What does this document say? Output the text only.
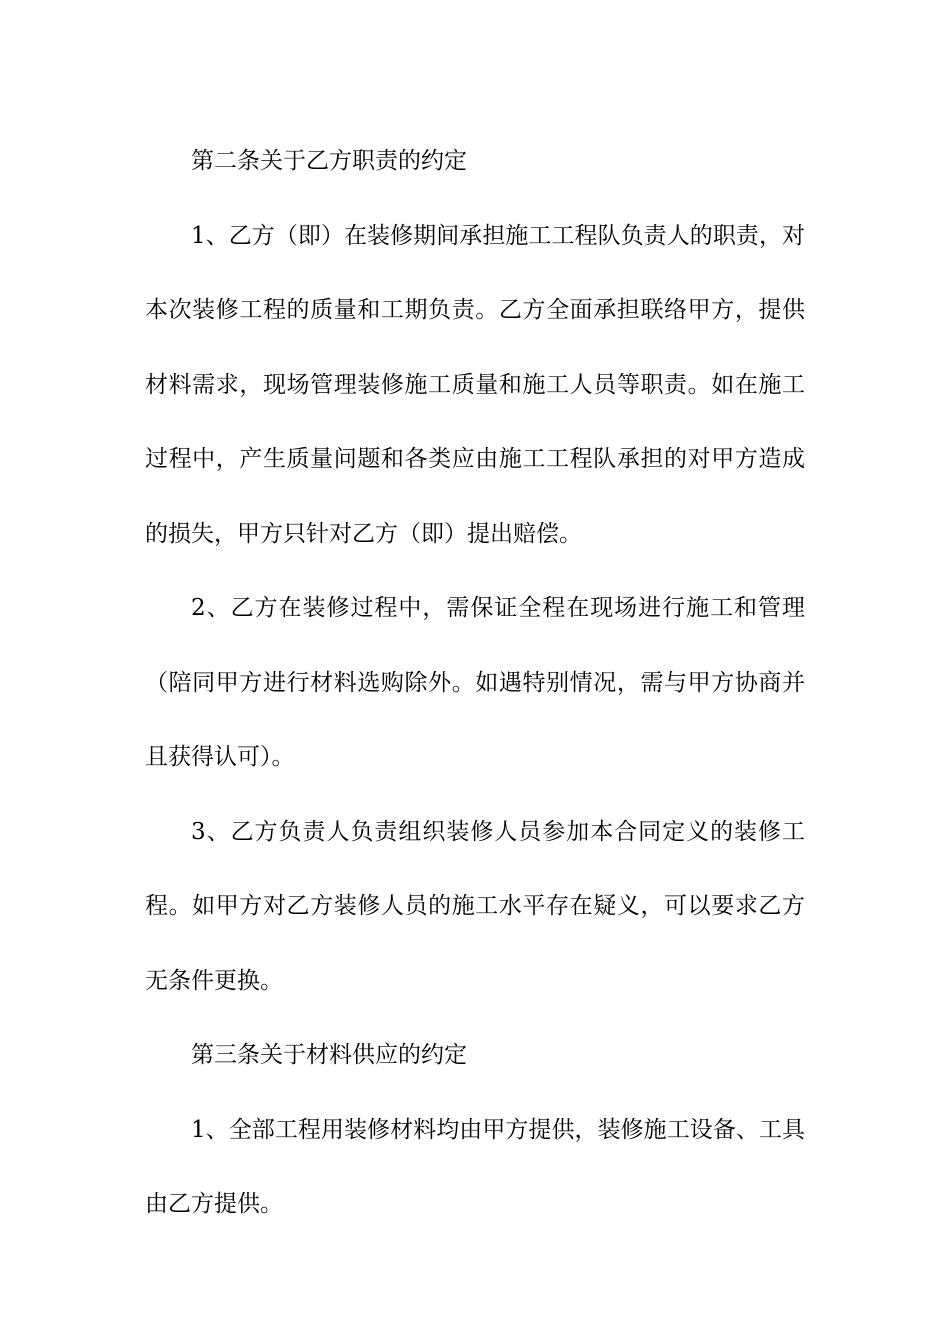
第二条关于乙方职责的约定

1、乙方（即）在装修期间承担施工工程队负责人的职责，对本次装修工程的质量和工期负责。乙方全面承担联络甲方，提供材料需求，现场管理装修施工质量和施工人员等职责。如在施工过程中，产生质量问题和各类应由施工工程队承担的对甲方造成的损失，甲方只针对乙方（即）提出赔偿。

2、乙方在装修过程中，需保证全程在现场进行施工和管理（陪同甲方进行材料选购除外。如遇特别情况，需与甲方协商并且获得认可）。

3、乙方负责人负责组织装修人员参加本合同定义的装修工程。如甲方对乙方装修人员的施工水平存在疑义，可以要求乙方无条件更换。

第三条关于材料供应的约定

1、全部工程用装修材料均由甲方提供，装修施工设备、工具由乙方提供。
